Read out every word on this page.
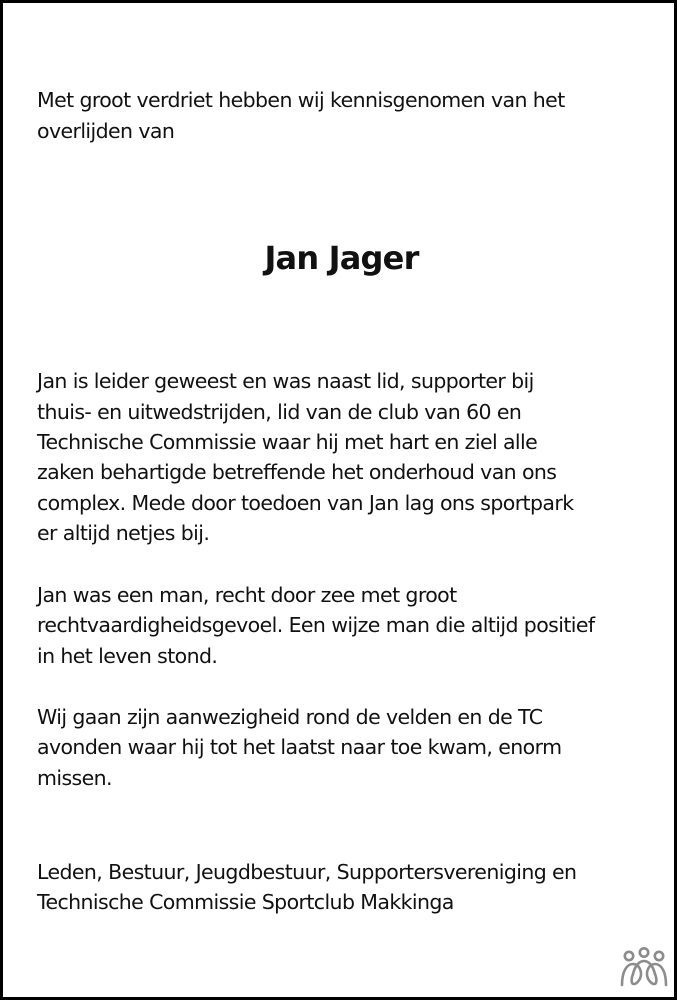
Met groot verdriet hebben wij kennisgenomen van het
overlijden van
Jan Jager
Jan is leider geweest en was naast lid, supporter bij
thuis- en uitwedstrijden, lid van de club van 60 en
Technische Commissie waar hij met hart en ziel alle
zaken behartigde betreffende het onderhoud van ons
complex. Mede door toedoen van Jan lag ons sportpark
er altijd netjes bij.
Jan was een man, recht door zee met groot
rechtvaardigheidsgevoel. Een wijze man die altijd positief
in het leven stond.
Wij gaan zijn aanwezigheid rond de velden en de TC
avonden waar hij tot het laatst naar toe kwam, enorm
missen.
Leden, Bestuur, Jeugdbestuur, Supportersvereniging en
Technische Commissie Sportclub Makkinga
